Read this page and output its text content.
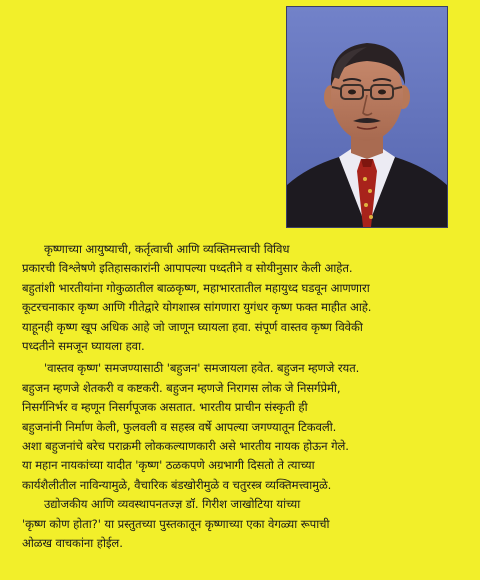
कृष्णाच्या आयुष्याची, कर्तृत्वाची आणि व्यक्तिमत्त्वाची विविध
प्रकारची विश्लेषणे इतिहासकारांनी आपापल्या पध्दतीने व सोयीनुसार केली आहेत.
बहुतांशी भारतीयांना गोकुळातील बाळकृष्ण, महाभारतातील महायुध्द घडवून आणणारा
कूटरचनाकार कृष्ण आणि गीतेद्वारे योगशास्त्र सांगणारा युगंधर कृष्ण फक्त माहीत आहे.
याहूनही कृष्ण खूप अधिक आहे जो जाणून घ्यायला हवा. संपूर्ण वास्तव कृष्ण विवेकी
पध्दतीने समजून घ्यायला हवा.
'वास्तव कृष्ण' समजण्यासाठी 'बहुजन' समजायला हवेत. बहुजन म्हणजे रयत.
बहुजन म्हणजे शेतकरी व कष्टकरी. बहुजन म्हणजे निरागस लोक जे निसर्गप्रेमी,
निसर्गनिर्भर व म्हणून निसर्गपूजक असतात. भारतीय प्राचीन संस्कृती ही
बहुजनांनी निर्माण केली, फुलवली व सहस्त्र वर्षे आपल्या जगण्यातून टिकवली.
अशा बहुजनांचे बरेच पराक्रमी लोककल्याणकारी असे भारतीय नायक होऊन गेले.
या महान नायकांच्या यादीत 'कृष्ण' ठळकपणे अग्रभागी दिसतो ते त्याच्या
कार्यशैलीतील नाविन्यामुळे, वैचारिक बंडखोरीमुळे व चतुरस्त्र व्यक्तिमत्त्वामुळे.
उद्योजकीय आणि व्यवस्थापनतज्ज्ञ डॉ. गिरीश जाखोटिया यांच्या
'कृष्ण कोण होता?' या प्रस्तुतच्या पुस्तकातून कृष्णाच्या एका वेगळ्या रूपाची
ओळख वाचकांना होईल.
